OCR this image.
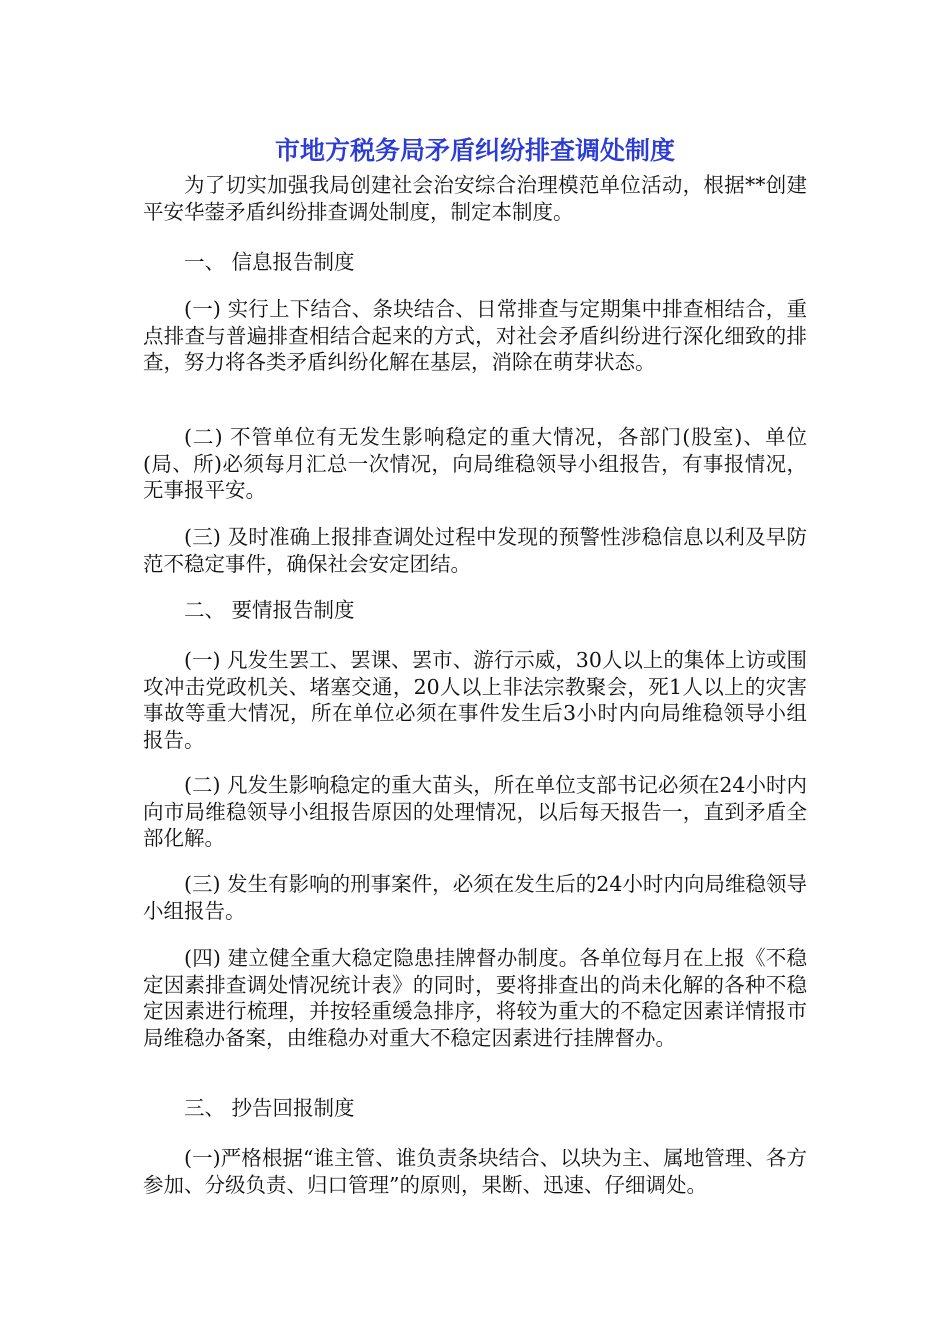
市地方税务局矛盾纠纷排查调处制度

为了切实加强我局创建社会治安综合治理模范单位活动，根据**创建平安华蓥矛盾纠纷排查调处制度，制定本制度。

一、 信息报告制度

(一) 实行上下结合、条块结合、日常排查与定期集中排查相结合，重点排查与普遍排查相结合起来的方式，对社会矛盾纠纷进行深化细致的排查，努力将各类矛盾纠纷化解在基层，消除在萌芽状态。

(二) 不管单位有无发生影响稳定的重大情况，各部门(股室)、单位(局、所)必须每月汇总一次情况，向局维稳领导小组报告，有事报情况，无事报平安。

(三) 及时准确上报排查调处过程中发现的预警性涉稳信息以利及早防范不稳定事件，确保社会安定团结。

二、 要情报告制度

(一) 凡发生罢工、罢课、罢市、游行示威，30人以上的集体上访或围攻冲击党政机关、堵塞交通，20人以上非法宗教聚会，死1人以上的灾害事故等重大情况，所在单位必须在事件发生后3小时内向局维稳领导小组报告。

(二) 凡发生影响稳定的重大苗头，所在单位支部书记必须在24小时内向市局维稳领导小组报告原因的处理情况，以后每天报告一，直到矛盾全部化解。

(三) 发生有影响的刑事案件，必须在发生后的24小时内向局维稳领导小组报告。

(四) 建立健全重大稳定隐患挂牌督办制度。各单位每月在上报《不稳定因素排查调处情况统计表》的同时，要将排查出的尚未化解的各种不稳定因素进行梳理，并按轻重缓急排序，将较为重大的不稳定因素详情报市局维稳办备案，由维稳办对重大不稳定因素进行挂牌督办。

三、 抄告回报制度

(一)严格根据“谁主管、谁负责条块结合、以块为主、属地管理、各方参加、分级负责、归口管理”的原则，果断、迅速、仔细调处。
